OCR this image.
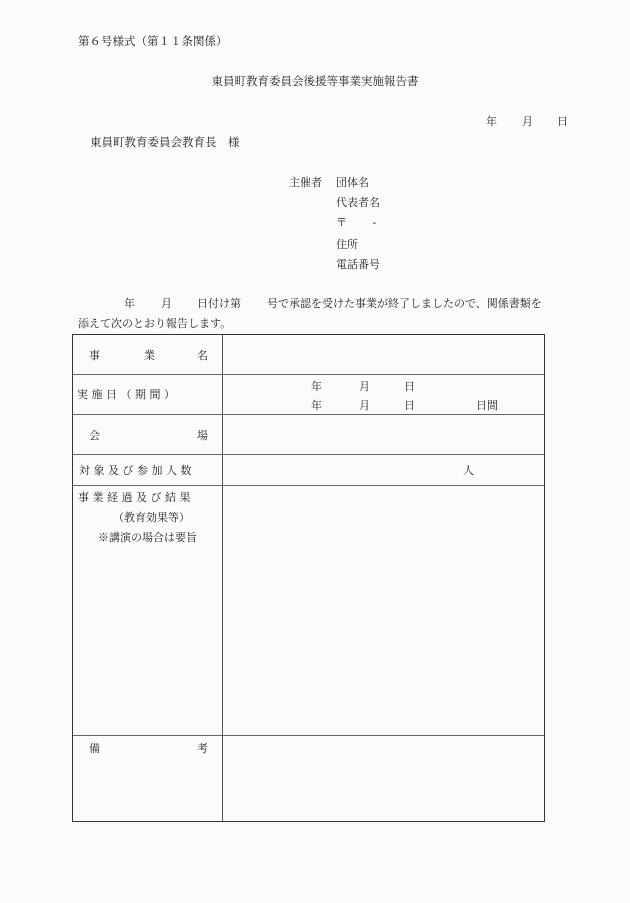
第６号様式（第１１条関係）
東員町教育委員会後援等事業実施報告書
年 月 日
東員町教育委員会教育長　様
主催者 団体名
代表者名
〒　　 -
住所
電話番号
年 月 日付け第 号で承認を受けた事業が終了しましたので、関係書類を
添えて次のとおり報告します。
事	業	名
実 施 日 （ 期 間 ）
年	月	日
年	月	日	日間
会	場
対 象 及 び 参 加 人 数	人
事 業 経 過 及 び 結 果
（教育効果等）
※講演の場合は要旨
備	考
